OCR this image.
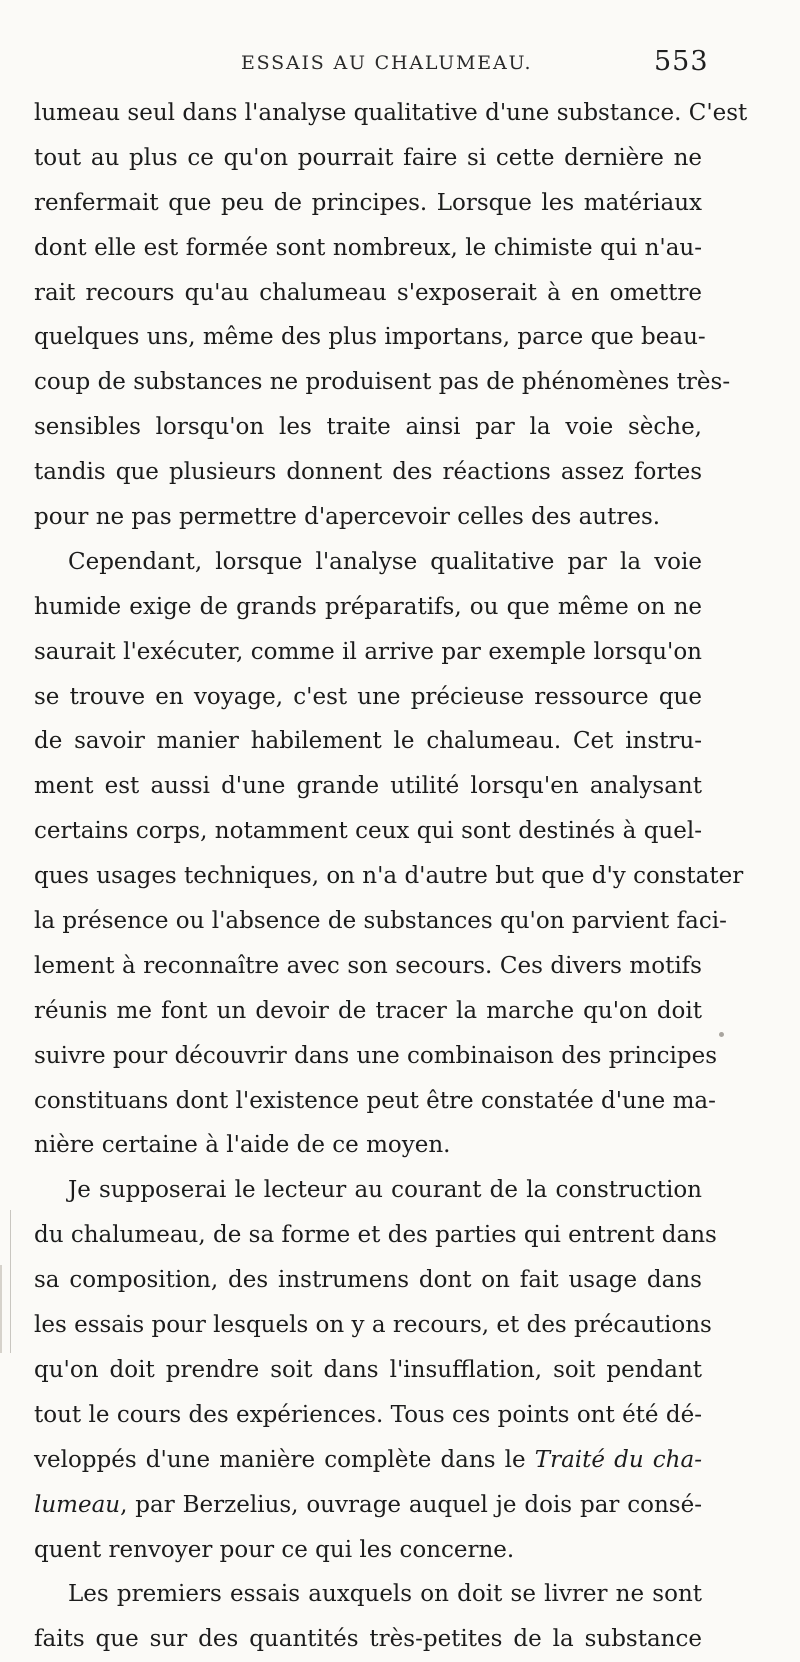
ESSAIS AU CHALUMEAU.	553
lumeau seul dans l'analyse qualitative d'une substance. C'est
tout au plus ce qu'on pourrait faire si cette dernière ne
renfermait que peu de principes. Lorsque les matériaux
dont elle est formée sont nombreux, le chimiste qui n'au-
rait recours qu'au chalumeau s'exposerait à en omettre
quelques uns, même des plus importans, parce que beau-
coup de substances ne produisent pas de phénomènes très-
sensibles lorsqu'on les traite ainsi par la voie sèche,
tandis que plusieurs donnent des réactions assez fortes
pour ne pas permettre d'apercevoir celles des autres.
Cependant, lorsque l'analyse qualitative par la voie
humide exige de grands préparatifs, ou que même on ne
saurait l'exécuter, comme il arrive par exemple lorsqu'on
se trouve en voyage, c'est une précieuse ressource que
de savoir manier habilement le chalumeau. Cet instru-
ment est aussi d'une grande utilité lorsqu'en analysant
certains corps, notamment ceux qui sont destinés à quel-
ques usages techniques, on n'a d'autre but que d'y constater
la présence ou l'absence de substances qu'on parvient faci-
lement à reconnaître avec son secours. Ces divers motifs
réunis me font un devoir de tracer la marche qu'on doit
suivre pour découvrir dans une combinaison des principes
constituans dont l'existence peut être constatée d'une ma-
nière certaine à l'aide de ce moyen.
Je supposerai le lecteur au courant de la construction
du chalumeau, de sa forme et des parties qui entrent dans
sa composition, des instrumens dont on fait usage dans
les essais pour lesquels on y a recours, et des précautions
qu'on doit prendre soit dans l'insufflation, soit pendant
tout le cours des expériences. Tous ces points ont été dé-
veloppés d'une manière complète dans le Traité du cha-
lumeau, par Berzelius, ouvrage auquel je dois par consé-
quent renvoyer pour ce qui les concerne.
Les premiers essais auxquels on doit se livrer ne sont
faits que sur des quantités très-petites de la substance
